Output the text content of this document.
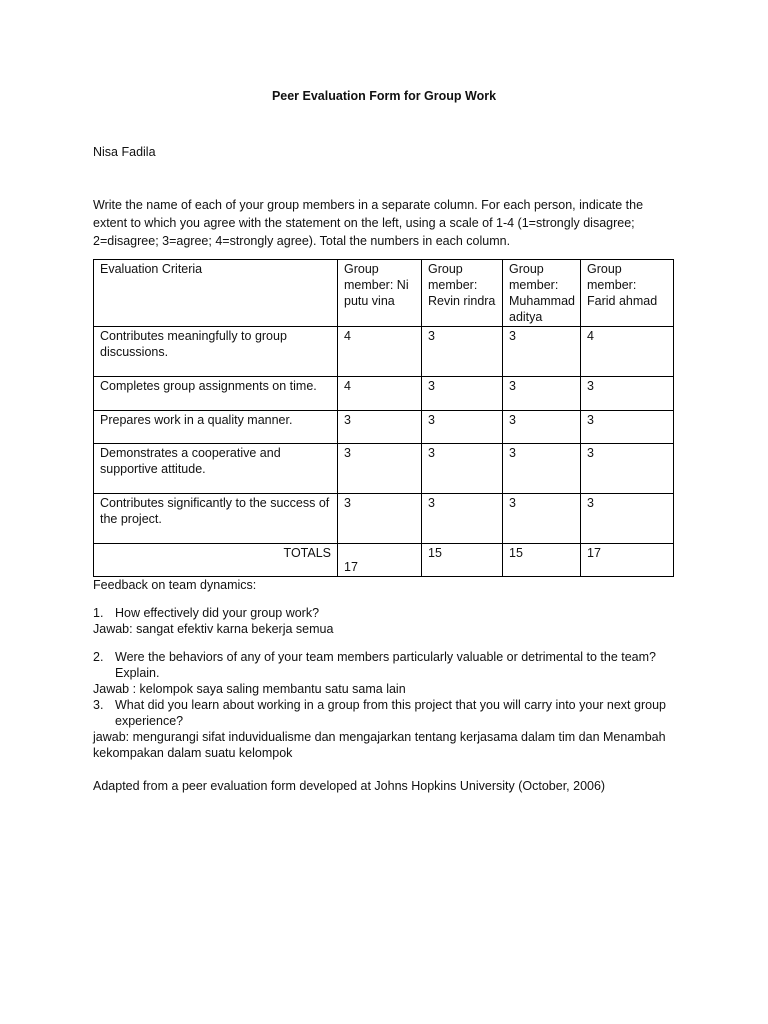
Peer Evaluation Form for Group Work
Nisa Fadila
Write the name of each of your group members in a separate column. For each person, indicate the extent to which you agree with the statement on the left, using a scale of 1-4 (1=strongly disagree; 2=disagree; 3=agree; 4=strongly agree). Total the numbers in each column.
Evaluation Criteria	Group member: Ni putu vina	Group member: Revin rindra	Group member: Muhammad aditya	Group member: Farid ahmad
Contributes meaningfully to group discussions.	4	3	3	4
Completes group assignments on time.	4	3	3	3
Prepares work in a quality manner.	3	3	3	3
Demonstrates a cooperative and supportive attitude.	3	3	3	3
Contributes significantly to the success of the project.	3	3	3	3
TOTALS	17	15	15	17

Feedback on team dynamics:

1. How effectively did your group work?

Jawab: sangat efektiv karna bekerja semua

2. Were the behaviors of any of your team members particularly valuable or detrimental to the team? Explain.

Jawab : kelompok saya saling membantu satu sama lain

3. What did you learn about working in a group from this project that you will carry into your next group experience?

jawab: mengurangi sifat induvidualisme dan mengajarkan tentang kerjasama dalam tim dan Menambah kekompakan dalam suatu kelompok

Adapted from a peer evaluation form developed at Johns Hopkins University (October, 2006)
